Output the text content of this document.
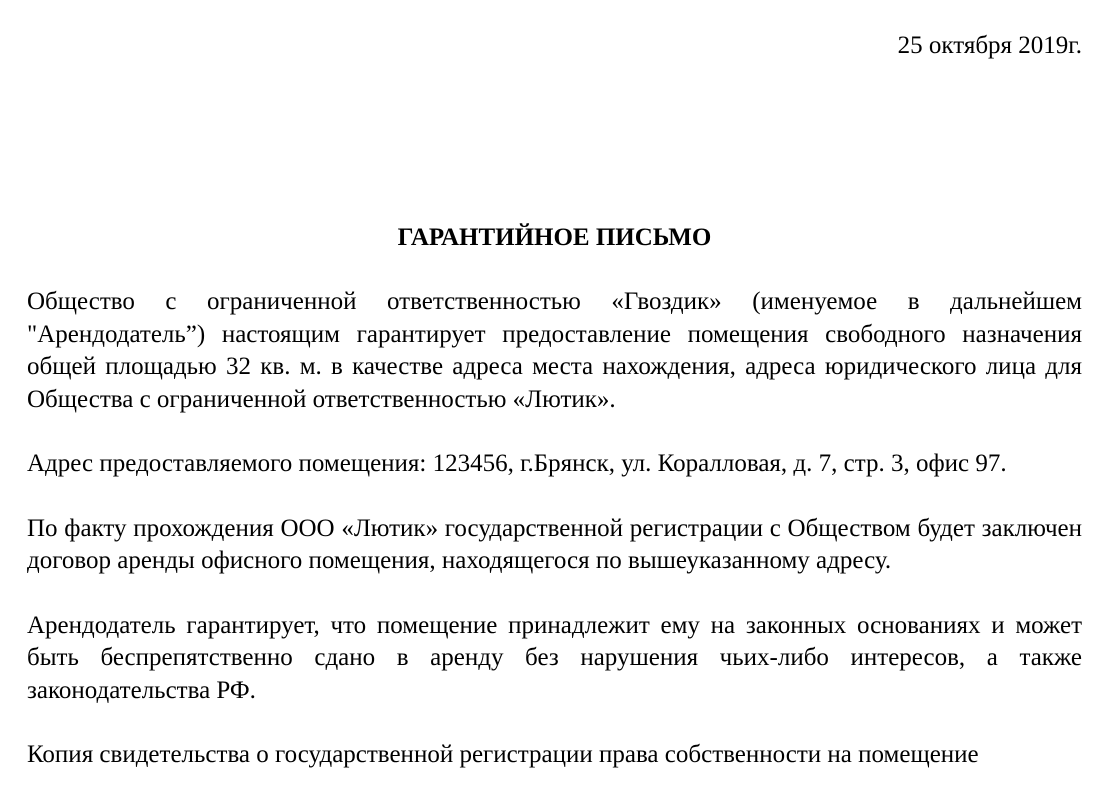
25 октября 2019г.
ГАРАНТИЙНОЕ ПИСЬМО

Общество с ограниченной ответственностью «Гвоздик» (именуемое в дальнейшем "Арендодатель”) настоящим гарантирует предоставление помещения свободного назначения общей площадью 32 кв. м. в качестве адреса места нахождения, адреса юридического лица для Общества с ограниченной ответственностью «Лютик».

Адрес предоставляемого помещения: 123456, г.Брянск, ул. Коралловая, д. 7, стр. 3, офис 97.

По факту прохождения ООО «Лютик» государственной регистрации с Обществом будет заключен договор аренды офисного помещения, находящегося по вышеуказанному адресу.

Арендодатель гарантирует, что помещение принадлежит ему на законных основаниях и может быть беспрепятственно сдано в аренду без нарушения чьих-либо интересов, а также законодательства РФ.

Копия свидетельства о государственной регистрации права собственности на помещение
